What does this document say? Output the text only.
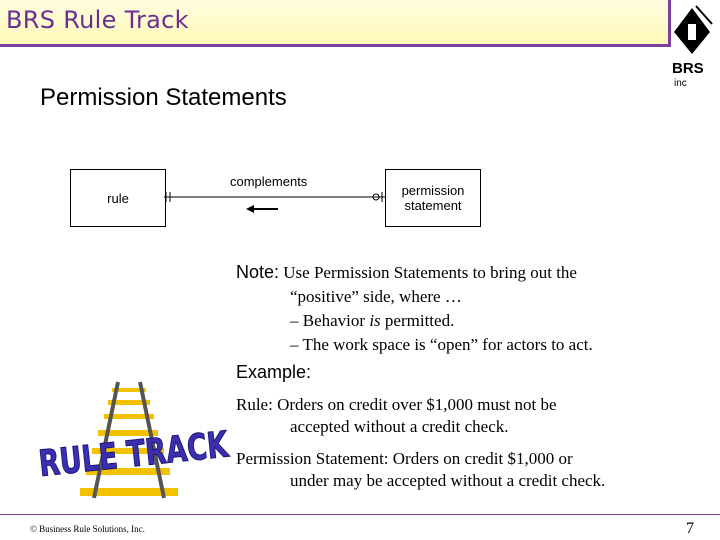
BRS Rule Track
BRS
inc
Permission Statements
rule
complements
permission statement
Note: Use Permission Statements to bring out the
“positive” side, where …
– Behavior is permitted.
– The work space is “open” for actors to act.
Example:
Rule: Orders on credit over $1,000 must not be
accepted without a credit check.
Permission Statement: Orders on credit $1,000 or
under may be accepted without a credit check.
RULE TRACK
© Business Rule Solutions, Inc.	7
